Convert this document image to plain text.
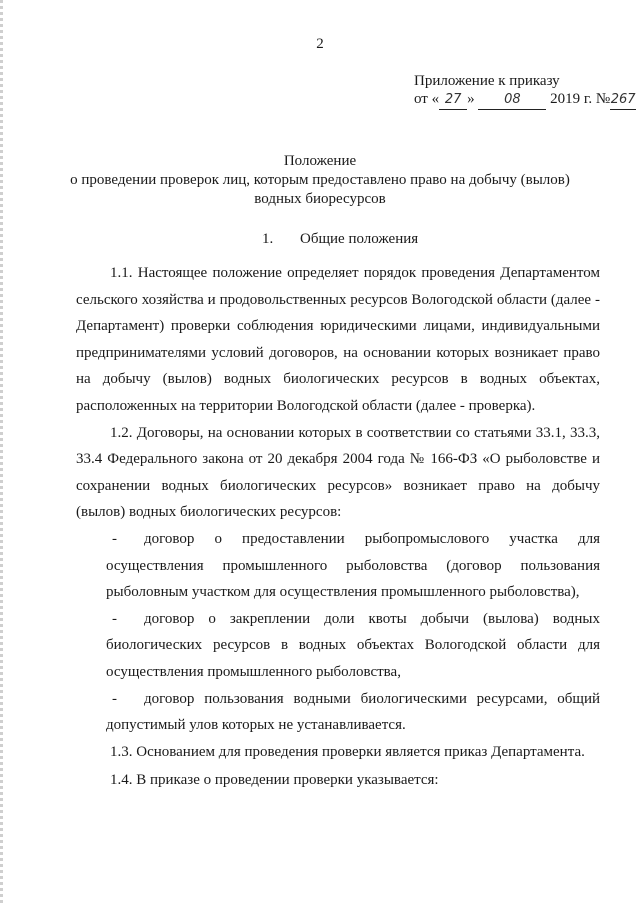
2
Приложение к приказу
от « 27 » 08 2019 г. №267
Положение
о проведении проверок лиц, которым предоставлено право на добычу (вылов)
водных биоресурсов
1. Общие положения

1.1. Настоящее положение определяет порядок проведения Департаментом сельского хозяйства и продовольственных ресурсов Вологодской области (далее - Департамент) проверки соблюдения юридическими лицами, индивидуальными предпринимателями условий договоров, на основании которых возникает право на добычу (вылов) водных биологических ресурсов в водных объектах, расположенных на территории Вологодской области (далее - проверка).

1.2. Договоры, на основании которых в соответствии со статьями 33.1, 33.3, 33.4 Федерального закона от 20 декабря 2004 года № 166-ФЗ «О рыболовстве и сохранении водных биологических ресурсов» возникает право на добычу (вылов) водных биологических ресурсов:

-	договор о предоставлении рыбопромыслового участка для осуществления промышленного рыболовства (договор пользования рыболовным участком для осуществления промышленного рыболовства),

-	договор о закреплении доли квоты добычи (вылова) водных биологических ресурсов в водных объектах Вологодской области для осуществления промышленного рыболовства,

-	договор пользования водными биологическими ресурсами, общий допустимый улов которых не устанавливается.

1.3. Основанием для проведения проверки является приказ Департамента.

1.4. В приказе о проведении проверки указывается:
